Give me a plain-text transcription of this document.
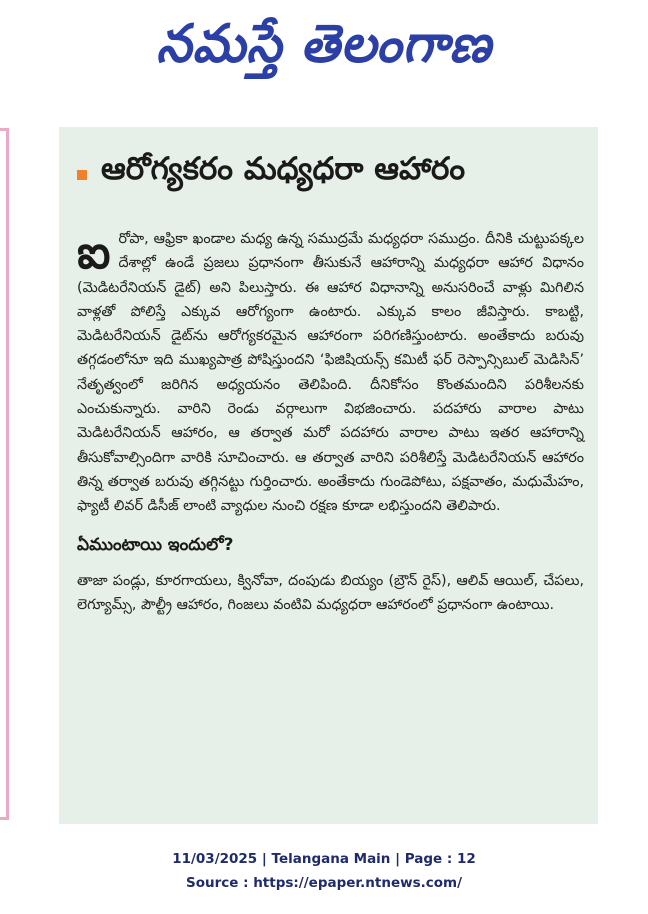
నమస్తే తెలంగాణ
ఆరోగ్యకరం మధ్యధరా ఆహారం

ఐరోపా, ఆఫ్రికా ఖండాల మధ్య ఉన్న సముద్రమే మధ్యధరా సముద్రం. దీనికి చుట్టుపక్కల దేశాల్లో ఉండే ప్రజలు ప్రధానంగా తీసుకునే ఆహారాన్ని మధ్యధరా ఆహార విధానం (మెడిటరేనియన్ డైట్) అని పిలుస్తారు. ఈ ఆహార విధానాన్ని అనుసరించే వాళ్లు మిగిలిన వాళ్లతో పోలిస్తే ఎక్కువ ఆరోగ్యంగా ఉంటారు. ఎక్కువ కాలం జీవిస్తారు. కాబట్టి, మెడిటరేనియన్ డైట్‌ను ఆరోగ్యకరమైన ఆహారంగా పరిగణిస్తుంటారు. అంతేకాదు బరువు తగ్గడంలోనూ ఇది ముఖ్యపాత్ర పోషిస్తుందని ‘ఫిజిషియన్స్ కమిటీ ఫర్ రెస్పాన్సిబుల్ మెడిసిన్’ నేతృత్వంలో జరిగిన అధ్యయనం తెలిపింది. దీనికోసం కొంతమందిని పరిశీలనకు ఎంచుకున్నారు. వారిని రెండు వర్గాలుగా విభజించారు. పదహారు వారాల పాటు మెడిటరేనియన్ ఆహారం, ఆ తర్వాత మరో పదహారు వారాల పాటు ఇతర ఆహారాన్ని తీసుకోవాల్సిందిగా వారికి సూచించారు. ఆ తర్వాత వారిని పరిశీలిస్తే మెడిటరేనియన్ ఆహారం తిన్న తర్వాత బరువు తగ్గినట్టు గుర్తించారు. అంతేకాదు గుండెపోటు, పక్షవాతం, మధుమేహం, ఫ్యాటీ లివర్ డిసీజ్ లాంటి వ్యాధుల నుంచి రక్షణ కూడా లభిస్తుందని తెలిపారు.

ఏముంటాయి ఇందులో?

తాజా పండ్లు, కూరగాయలు, క్వినోవా, దంపుడు బియ్యం (బ్రౌన్ రైస్), ఆలివ్ ఆయిల్, చేపలు, లెగ్యూమ్స్, పౌల్ట్రీ ఆహారం, గింజలు వంటివి మధ్యధరా ఆహారంలో ప్రధానంగా ఉంటాయి.

11/03/2025 | Telangana Main | Page : 12
Source : https://epaper.ntnews.com/
